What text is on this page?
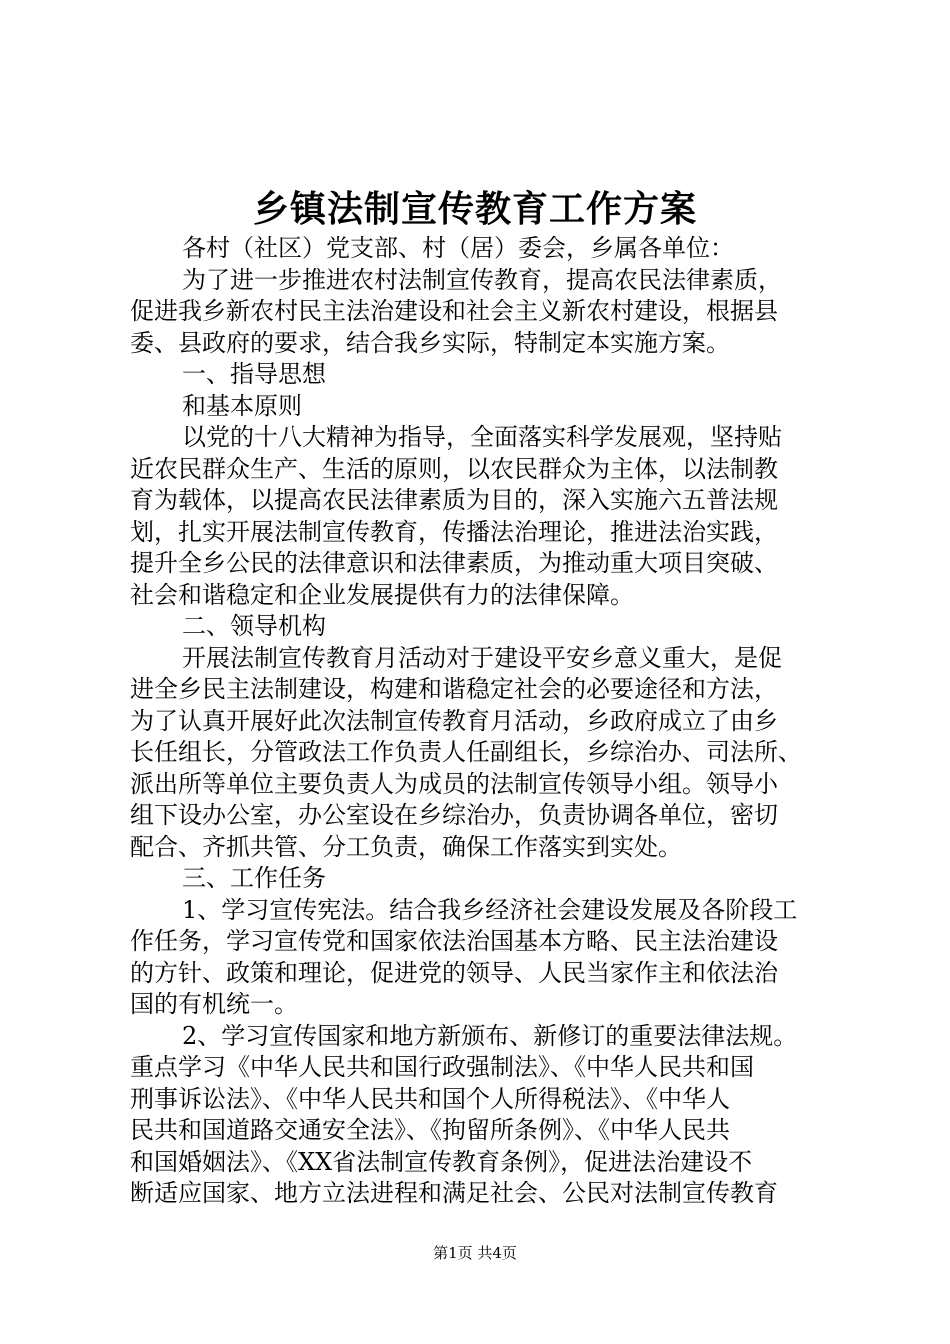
乡镇法制宣传教育工作方案
各村（社区）党支部、村（居）委会，乡属各单位：
为了进一步推进农村法制宣传教育，提高农民法律素质，
促进我乡新农村民主法治建设和社会主义新农村建设，根据县
委、县政府的要求，结合我乡实际，特制定本实施方案。
一、指导思想
和基本原则
以党的十八大精神为指导，全面落实科学发展观，坚持贴
近农民群众生产、生活的原则，以农民群众为主体，以法制教
育为载体，以提高农民法律素质为目的，深入实施六五普法规
划，扎实开展法制宣传教育，传播法治理论，推进法治实践，
提升全乡公民的法律意识和法律素质，为推动重大项目突破、
社会和谐稳定和企业发展提供有力的法律保障。
二、领导机构
开展法制宣传教育月活动对于建设平安乡意义重大，是促
进全乡民主法制建设，构建和谐稳定社会的必要途径和方法，
为了认真开展好此次法制宣传教育月活动，乡政府成立了由乡
长任组长，分管政法工作负责人任副组长，乡综治办、司法所、
派出所等单位主要负责人为成员的法制宣传领导小组。领导小
组下设办公室，办公室设在乡综治办，负责协调各单位，密切
配合、齐抓共管、分工负责，确保工作落实到实处。
三、工作任务
1、学习宣传宪法。结合我乡经济社会建设发展及各阶段工
作任务，学习宣传党和国家依法治国基本方略、民主法治建设
的方针、政策和理论，促进党的领导、人民当家作主和依法治
国的有机统一。
2、学习宣传国家和地方新颁布、新修订的重要法律法规。
重点学习《中华人民共和国行政强制法》、《中华人民共和国
刑事诉讼法》、《中华人民共和国个人所得税法》、《中华人
民共和国道路交通安全法》、《拘留所条例》、《中华人民共
和国婚姻法》、《XX省法制宣传教育条例》，促进法治建设不
断适应国家、地方立法进程和满足社会、公民对法制宣传教育
第1页 共4页
